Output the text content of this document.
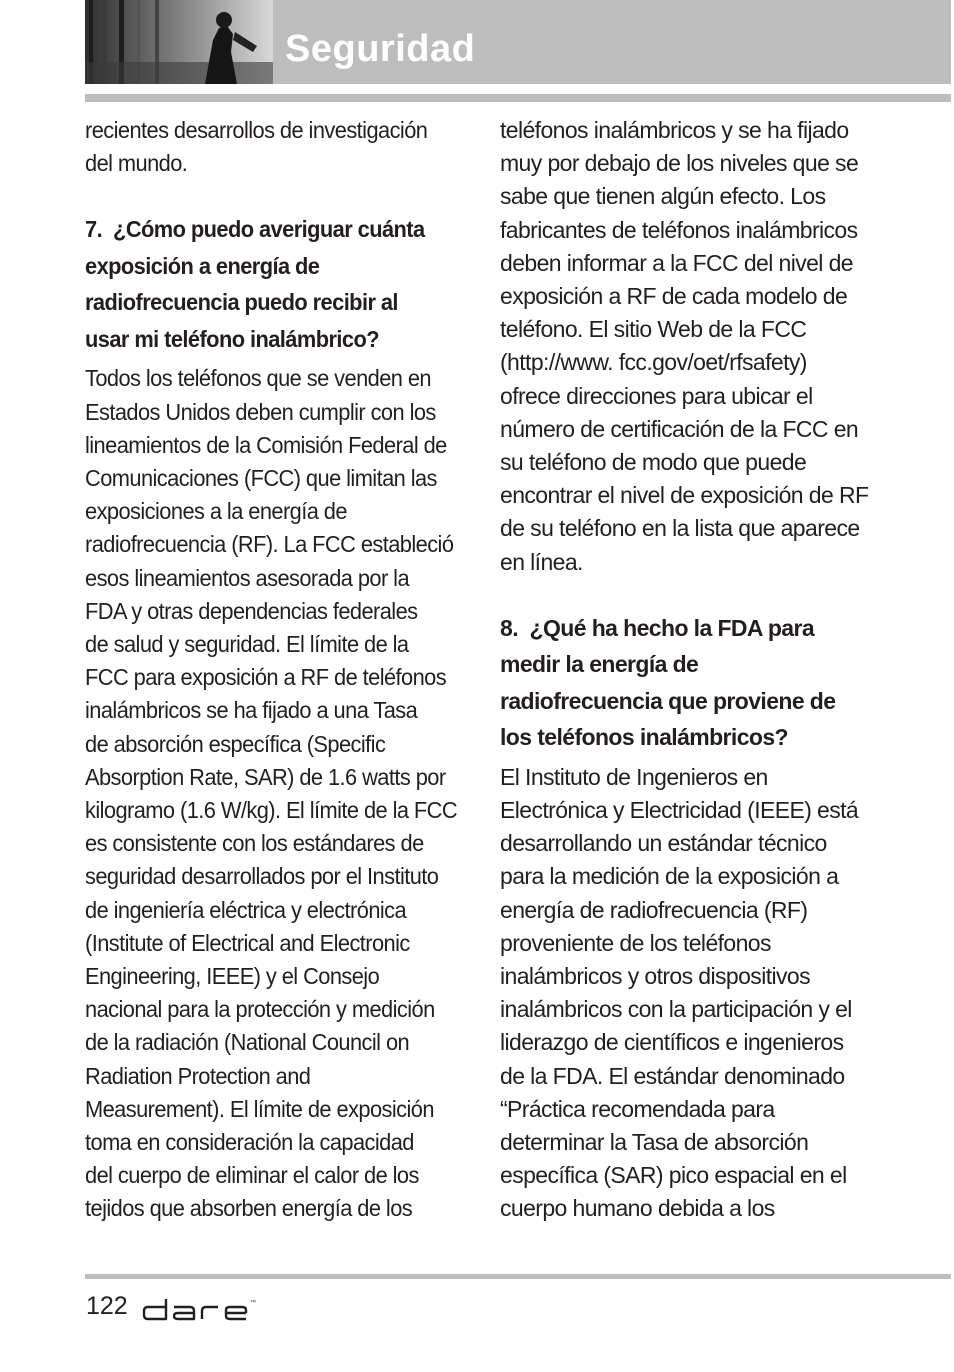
Seguridad

recientes desarrollos de investigación
del mundo.

7.  ¿Cómo puedo averiguar cuánta
exposición a energía de
radiofrecuencia puedo recibir al
usar mi teléfono inalámbrico?

Todos los teléfonos que se venden en
Estados Unidos deben cumplir con los
lineamientos de la Comisión Federal de
Comunicaciones (FCC) que limitan las
exposiciones a la energía de
radiofrecuencia (RF). La FCC estableció
esos lineamientos asesorada por la
FDA y otras dependencias federales
de salud y seguridad. El límite de la
FCC para exposición a RF de teléfonos
inalámbricos se ha fijado a una Tasa
de absorción específica (Specific
Absorption Rate, SAR) de 1.6 watts por
kilogramo (1.6 W/kg). El límite de la FCC
es consistente con los estándares de
seguridad desarrollados por el Instituto
de ingeniería eléctrica y electrónica
(Institute of Electrical and Electronic
Engineering, IEEE) y el Consejo
nacional para la protección y medición
de la radiación (National Council on
Radiation Protection and
Measurement). El límite de exposición
toma en consideración la capacidad
del cuerpo de eliminar el calor de los
tejidos que absorben energía de los

teléfonos inalámbricos y se ha fijado
muy por debajo de los niveles que se
sabe que tienen algún efecto. Los
fabricantes de teléfonos inalámbricos
deben informar a la FCC del nivel de
exposición a RF de cada modelo de
teléfono. El sitio Web de la FCC
(http://www. fcc.gov/oet/rfsafety)
ofrece direcciones para ubicar el
número de certificación de la FCC en
su teléfono de modo que puede
encontrar el nivel de exposición de RF
de su teléfono en la lista que aparece
en línea.

8.  ¿Qué ha hecho la FDA para
medir la energía de
radiofrecuencia que proviene de
los teléfonos inalámbricos?

El Instituto de Ingenieros en
Electrónica y Electricidad (IEEE) está
desarrollando un estándar técnico
para la medición de la exposición a
energía de radiofrecuencia (RF)
proveniente de los teléfonos
inalámbricos y otros dispositivos
inalámbricos con la participación y el
liderazgo de científicos e ingenieros
de la FDA. El estándar denominado
“Práctica recomendada para
determinar la Tasa de absorción
específica (SAR) pico espacial en el
cuerpo humano debida a los

122	™
